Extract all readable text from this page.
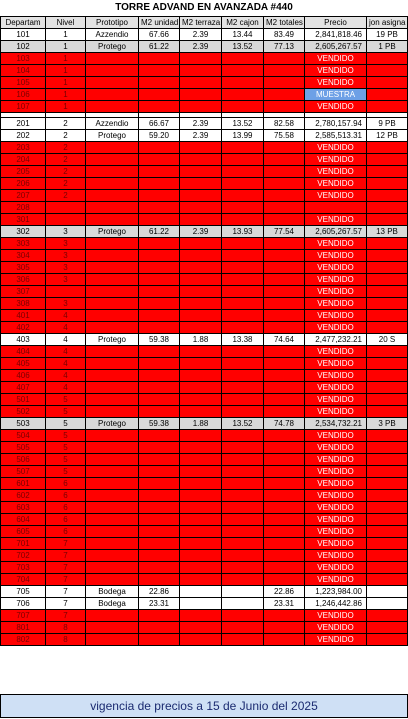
TORRE ADVAND EN AVANZADA #440
Departam	Nivel	Prototipo	M2 unidad	M2 terraza	M2 cajon	M2 totales	Precio	jon asigna
101	1	Azzendio	67.66	2.39	13.44	83.49	2,841,818.46	19 PB
102	1	Protego	61.22	2.39	13.52	77.13	2,605,267.57	1 PB
103	1						VENDIDO	
104	1						VENDIDO	
105	1						VENDIDO	
106	1						MUESTRA	
107	1						VENDIDO	

201	2	Azzendio	66.67	2.39	13.52	82.58	2,780,157.94	9 PB
202	2	Protego	59.20	2.39	13.99	75.58	2,585,513.31	12 PB
203	2						VENDIDO	
204	2						VENDIDO	
205	2						VENDIDO	
206	2						VENDIDO	
207	2						VENDIDO	
208								
301							VENDIDO	
302	3	Protego	61.22	2.39	13.93	77.54	2,605,267.57	13 PB
303	3						VENDIDO	
304	3						VENDIDO	
305	3						VENDIDO	
306	3						VENDIDO	
307							VENDIDO	
308	3						VENDIDO	
401	4						VENDIDO	
402	4						VENDIDO	
403	4	Protego	59.38	1.88	13.38	74.64	2,477,232.21	20 S
404	4						VENDIDO	
405	4						VENDIDO	
406	4						VENDIDO	
407	4						VENDIDO	
501	5						VENDIDO	
502	5						VENDIDO	
503	5	Protego	59.38	1.88	13.52	74.78	2,534,732.21	3 PB
504	5						VENDIDO	
505	5						VENDIDO	
506	5						VENDIDO	
507	5						VENDIDO	
601	6						VENDIDO	
602	6						VENDIDO	
603	6						VENDIDO	
604	6						VENDIDO	
605	6						VENDIDO	
701	7						VENDIDO	
702	7						VENDIDO	
703	7						VENDIDO	
704	7						VENDIDO	
705	7	Bodega	22.86			22.86	1,223,984.00	
706	7	Bodega	23.31			23.31	1,246,442.86	
707	7						VENDIDO	
801	8						VENDIDO	
802	8						VENDIDO	
vigencia de precios a 15 de Junio del 2025
